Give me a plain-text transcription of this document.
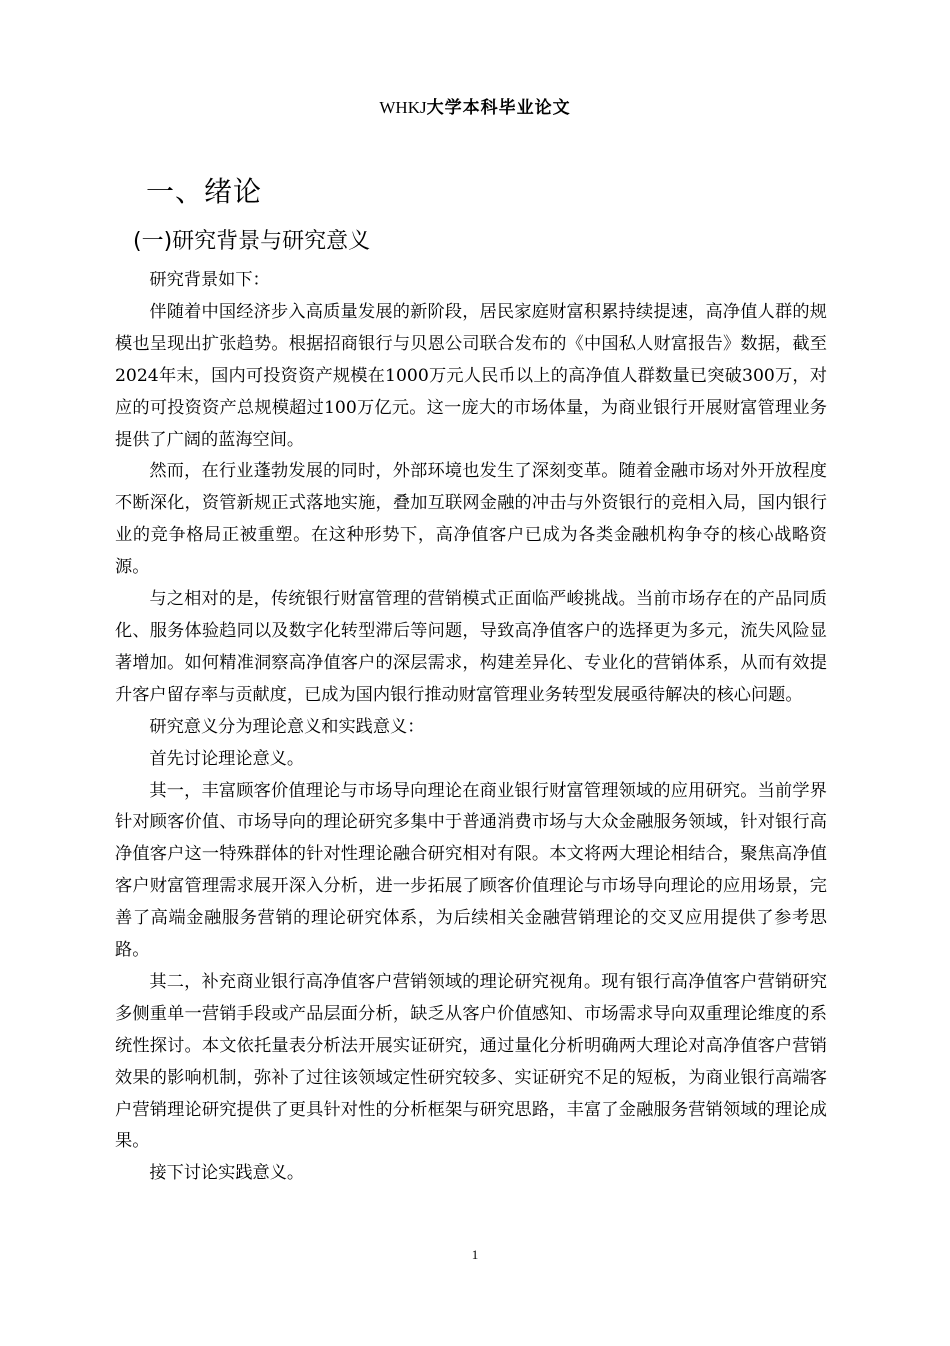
WHKJ大学本科毕业论文
一、绪论
(一)研究背景与研究意义

研究背景如下：

伴随着中国经济步入高质量发展的新阶段，居民家庭财富积累持续提速，高净值人群的规模也呈现出扩张趋势。根据招商银行与贝恩公司联合发布的《中国私人财富报告》数据，截至2024年末，国内可投资资产规模在1000万元人民币以上的高净值人群数量已突破300万，对应的可投资资产总规模超过100万亿元。这一庞大的市场体量，为商业银行开展财富管理业务提供了广阔的蓝海空间。

然而，在行业蓬勃发展的同时，外部环境也发生了深刻变革。随着金融市场对外开放程度不断深化，资管新规正式落地实施，叠加互联网金融的冲击与外资银行的竞相入局，国内银行业的竞争格局正被重塑。在这种形势下，高净值客户已成为各类金融机构争夺的核心战略资源。

与之相对的是，传统银行财富管理的营销模式正面临严峻挑战。当前市场存在的产品同质化、服务体验趋同以及数字化转型滞后等问题，导致高净值客户的选择更为多元，流失风险显著增加。如何精准洞察高净值客户的深层需求，构建差异化、专业化的营销体系，从而有效提升客户留存率与贡献度，已成为国内银行推动财富管理业务转型发展亟待解决的核心问题。

研究意义分为理论意义和实践意义：

首先讨论理论意义。

其一，丰富顾客价值理论与市场导向理论在商业银行财富管理领域的应用研究。当前学界针对顾客价值、市场导向的理论研究多集中于普通消费市场与大众金融服务领域，针对银行高净值客户这一特殊群体的针对性理论融合研究相对有限。本文将两大理论相结合，聚焦高净值客户财富管理需求展开深入分析，进一步拓展了顾客价值理论与市场导向理论的应用场景，完善了高端金融服务营销的理论研究体系，为后续相关金融营销理论的交叉应用提供了参考思路。

其二，补充商业银行高净值客户营销领域的理论研究视角。现有银行高净值客户营销研究多侧重单一营销手段或产品层面分析，缺乏从客户价值感知、市场需求导向双重理论维度的系统性探讨。本文依托量表分析法开展实证研究，通过量化分析明确两大理论对高净值客户营销效果的影响机制，弥补了过往该领域定性研究较多、实证研究不足的短板，为商业银行高端客户营销理论研究提供了更具针对性的分析框架与研究思路，丰富了金融服务营销领域的理论成果。

接下讨论实践意义。

1
